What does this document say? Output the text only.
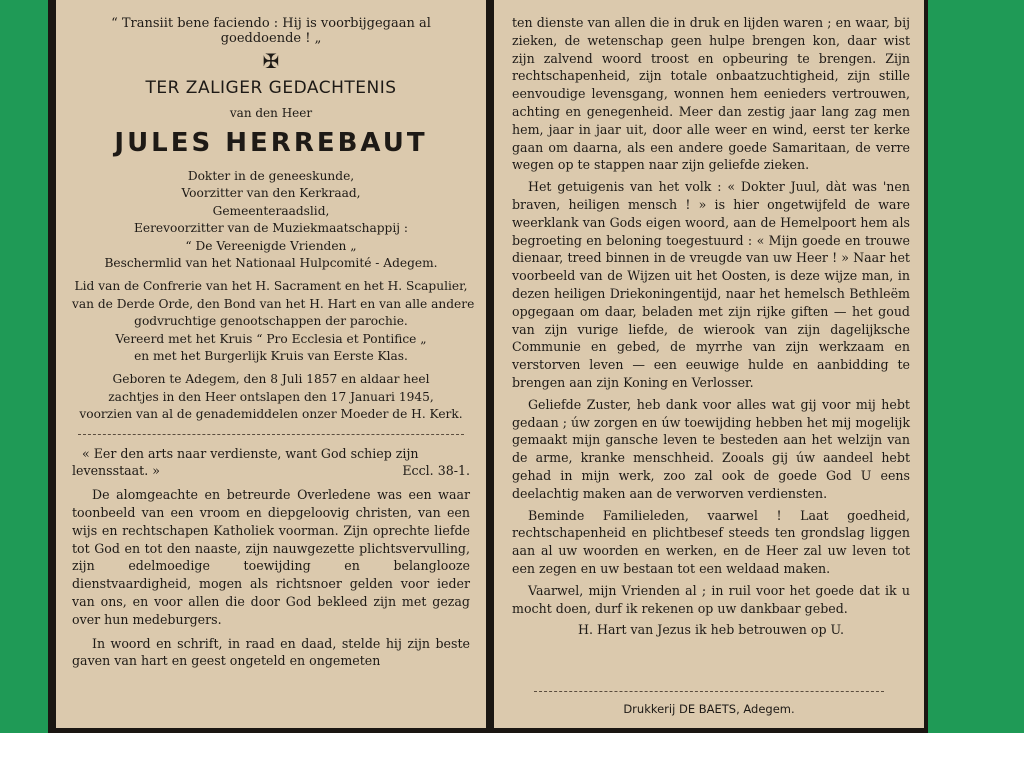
“ Transiit bene faciendo : Hij is voorbijgegaan al goeddoende ! „
✠
TER ZALIGER GEDACHTENIS
van den Heer
JULES HERREBAUT
Dokter in de geneeskunde,
Voorzitter van den Kerkraad,
Gemeenteraadslid,
Eerevoorzitter van de Muziekmaatschappij :
“ De Vereenigde Vrienden „
Beschermlid van het Nationaal Hulpcomité - Adegem.
Lid van de Confrerie van het H. Sacrament en het H. Scapulier,
van de Derde Orde, den Bond van het H. Hart en van alle andere
godvruchtige genootschappen der parochie.
Vereerd met het Kruis “ Pro Ecclesia et Pontifice „
en met het Burgerlijk Kruis van Eerste Klas.
Geboren te Adegem, den 8 Juli 1857 en aldaar heel
zachtjes in den Heer ontslapen den 17 Januari 1945,
voorzien van al de genademiddelen onzer Moeder de H. Kerk.
« Eer den arts naar verdienste, want God schiep zijn
levensstaat. »	Eccl. 38-1.

De alomgeachte en betreurde Overledene was een waar toonbeeld van een vroom en diepgeloovig christen, van een wijs en rechtschapen Katholiek voorman. Zijn oprechte liefde tot God en tot den naaste, zijn nauwgezette plichtsvervulling, zijn edelmoedige toewijding en belanglooze dienstvaardigheid, mogen als richtsnoer gelden voor ieder van ons, en voor allen die door God bekleed zijn met gezag over hun medeburgers.

In woord en schrift, in raad en daad, stelde hij zijn beste gaven van hart en geest ongeteld en ongemeten

ten dienste van allen die in druk en lijden waren ; en waar, bij zieken, de wetenschap geen hulpe brengen kon, daar wist zijn zalvend woord troost en opbeuring te brengen. Zijn rechtschapenheid, zijn totale onbaatzuchtigheid, zijn stille eenvoudige levensgang, wonnen hem eenieders vertrouwen, achting en genegenheid. Meer dan zestig jaar lang zag men hem, jaar in jaar uit, door alle weer en wind, eerst ter kerke gaan om daarna, als een andere goede Samaritaan, de verre wegen op te stappen naar zijn geliefde zieken.

Het getuigenis van het volk : « Dokter Juul, dàt was 'nen braven, heiligen mensch ! » is hier ongetwijfeld de ware weerklank van Gods eigen woord, aan de Hemelpoort hem als begroeting en beloning toegestuurd : « Mijn goede en trouwe dienaar, treed binnen in de vreugde van uw Heer ! » Naar het voorbeeld van de Wijzen uit het Oosten, is deze wijze man, in dezen heiligen Driekoningentijd, naar het hemelsch Bethleëm opgegaan om daar, beladen met zijn rijke giften — het goud van zijn vurige liefde, de wierook van zijn dagelijksche Communie en gebed, de myrrhe van zijn werkzaam en verstorven leven — een eeuwige hulde en aanbidding te brengen aan zijn Koning en Verlosser.

Geliefde Zuster, heb dank voor alles wat gij voor mij hebt gedaan ; úw zorgen en úw toewijding hebben het mij mogelijk gemaakt mijn gansche leven te besteden aan het welzijn van de arme, kranke menschheid. Zooals gij úw aandeel hebt gehad in mijn werk, zoo zal ook de goede God U eens deelachtig maken aan de verworven verdiensten.

Beminde Familieleden, vaarwel ! Laat goedheid, rechtschapenheid en plichtbesef steeds ten grondslag liggen aan al uw woorden en werken, en de Heer zal uw leven tot een zegen en uw bestaan tot een weldaad maken.

Vaarwel, mijn Vrienden al ; in ruil voor het goede dat ik u mocht doen, durf ik rekenen op uw dankbaar gebed.

H. Hart van Jezus ik heb betrouwen op U.

Drukkerij DE BAETS, Adegem.
